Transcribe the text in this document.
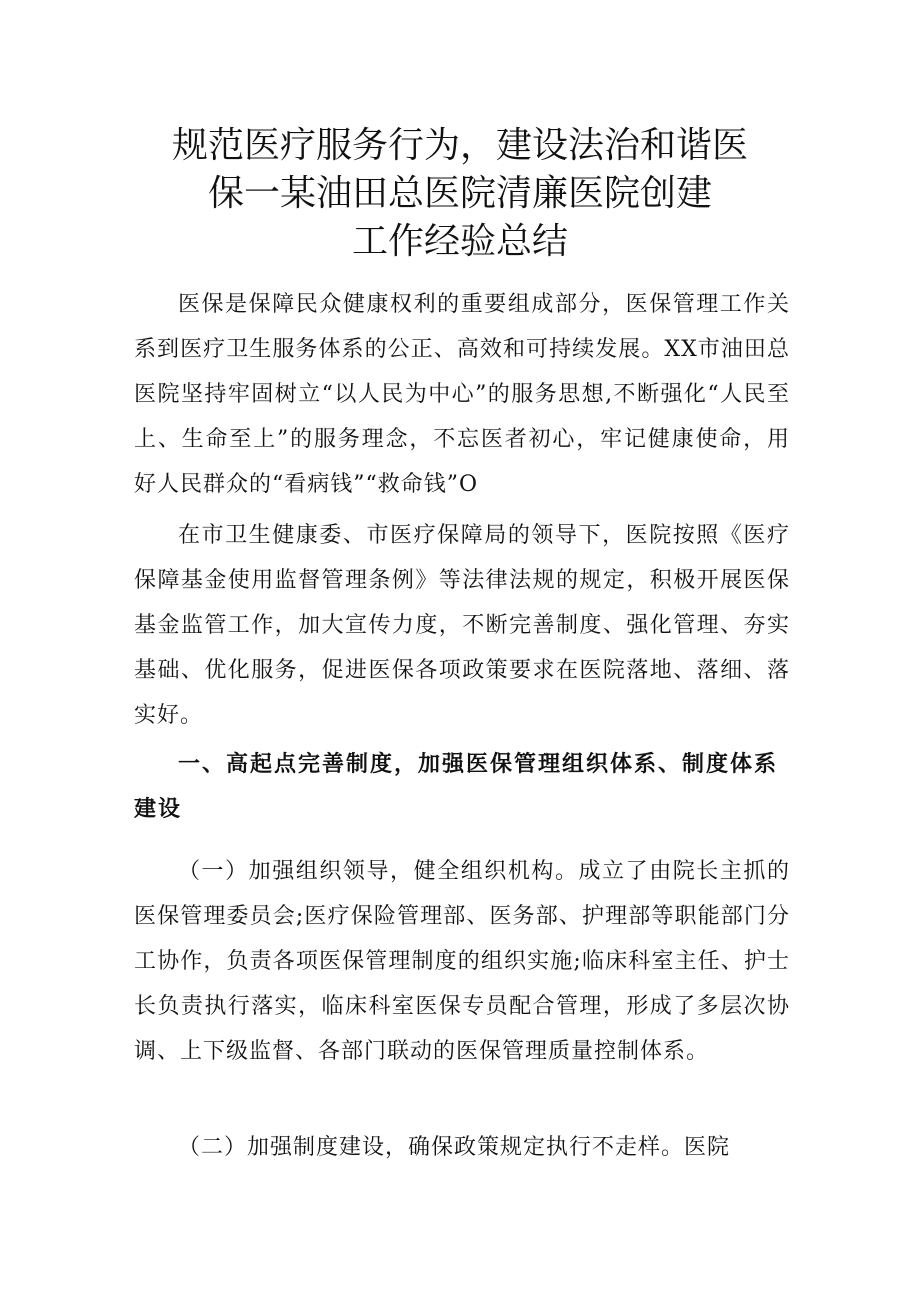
规范医疗服务行为，建设法治和谐医
保一某油田总医院清廉医院创建
工作经验总结

医保是保障民众健康权利的重要组成部分，医保管理工作关系到医疗卫生服务体系的公正、高效和可持续发展。XX市油田总医院坚持牢固树立“以人民为中心”的服务思想,不断强化“人民至上、生命至上”的服务理念，不忘医者初心，牢记健康使命，用好人民群众的“看病钱”“救命钱”O

在市卫生健康委、市医疗保障局的领导下，医院按照《医疗保障基金使用监督管理条例》等法律法规的规定，积极开展医保基金监管工作，加大宣传力度，不断完善制度、强化管理、夯实基础、优化服务，促进医保各项政策要求在医院落地、落细、落实好。

一、高起点完善制度，加强医保管理组织体系、制度体系建设

（一）加强组织领导，健全组织机构。成立了由院长主抓的医保管理委员会;医疗保险管理部、医务部、护理部等职能部门分工协作，负责各项医保管理制度的组织实施;临床科室主任、护士长负责执行落实，临床科室医保专员配合管理，形成了多层次协调、上下级监督、各部门联动的医保管理质量控制体系。

（二）加强制度建设，确保政策规定执行不走样。医院
